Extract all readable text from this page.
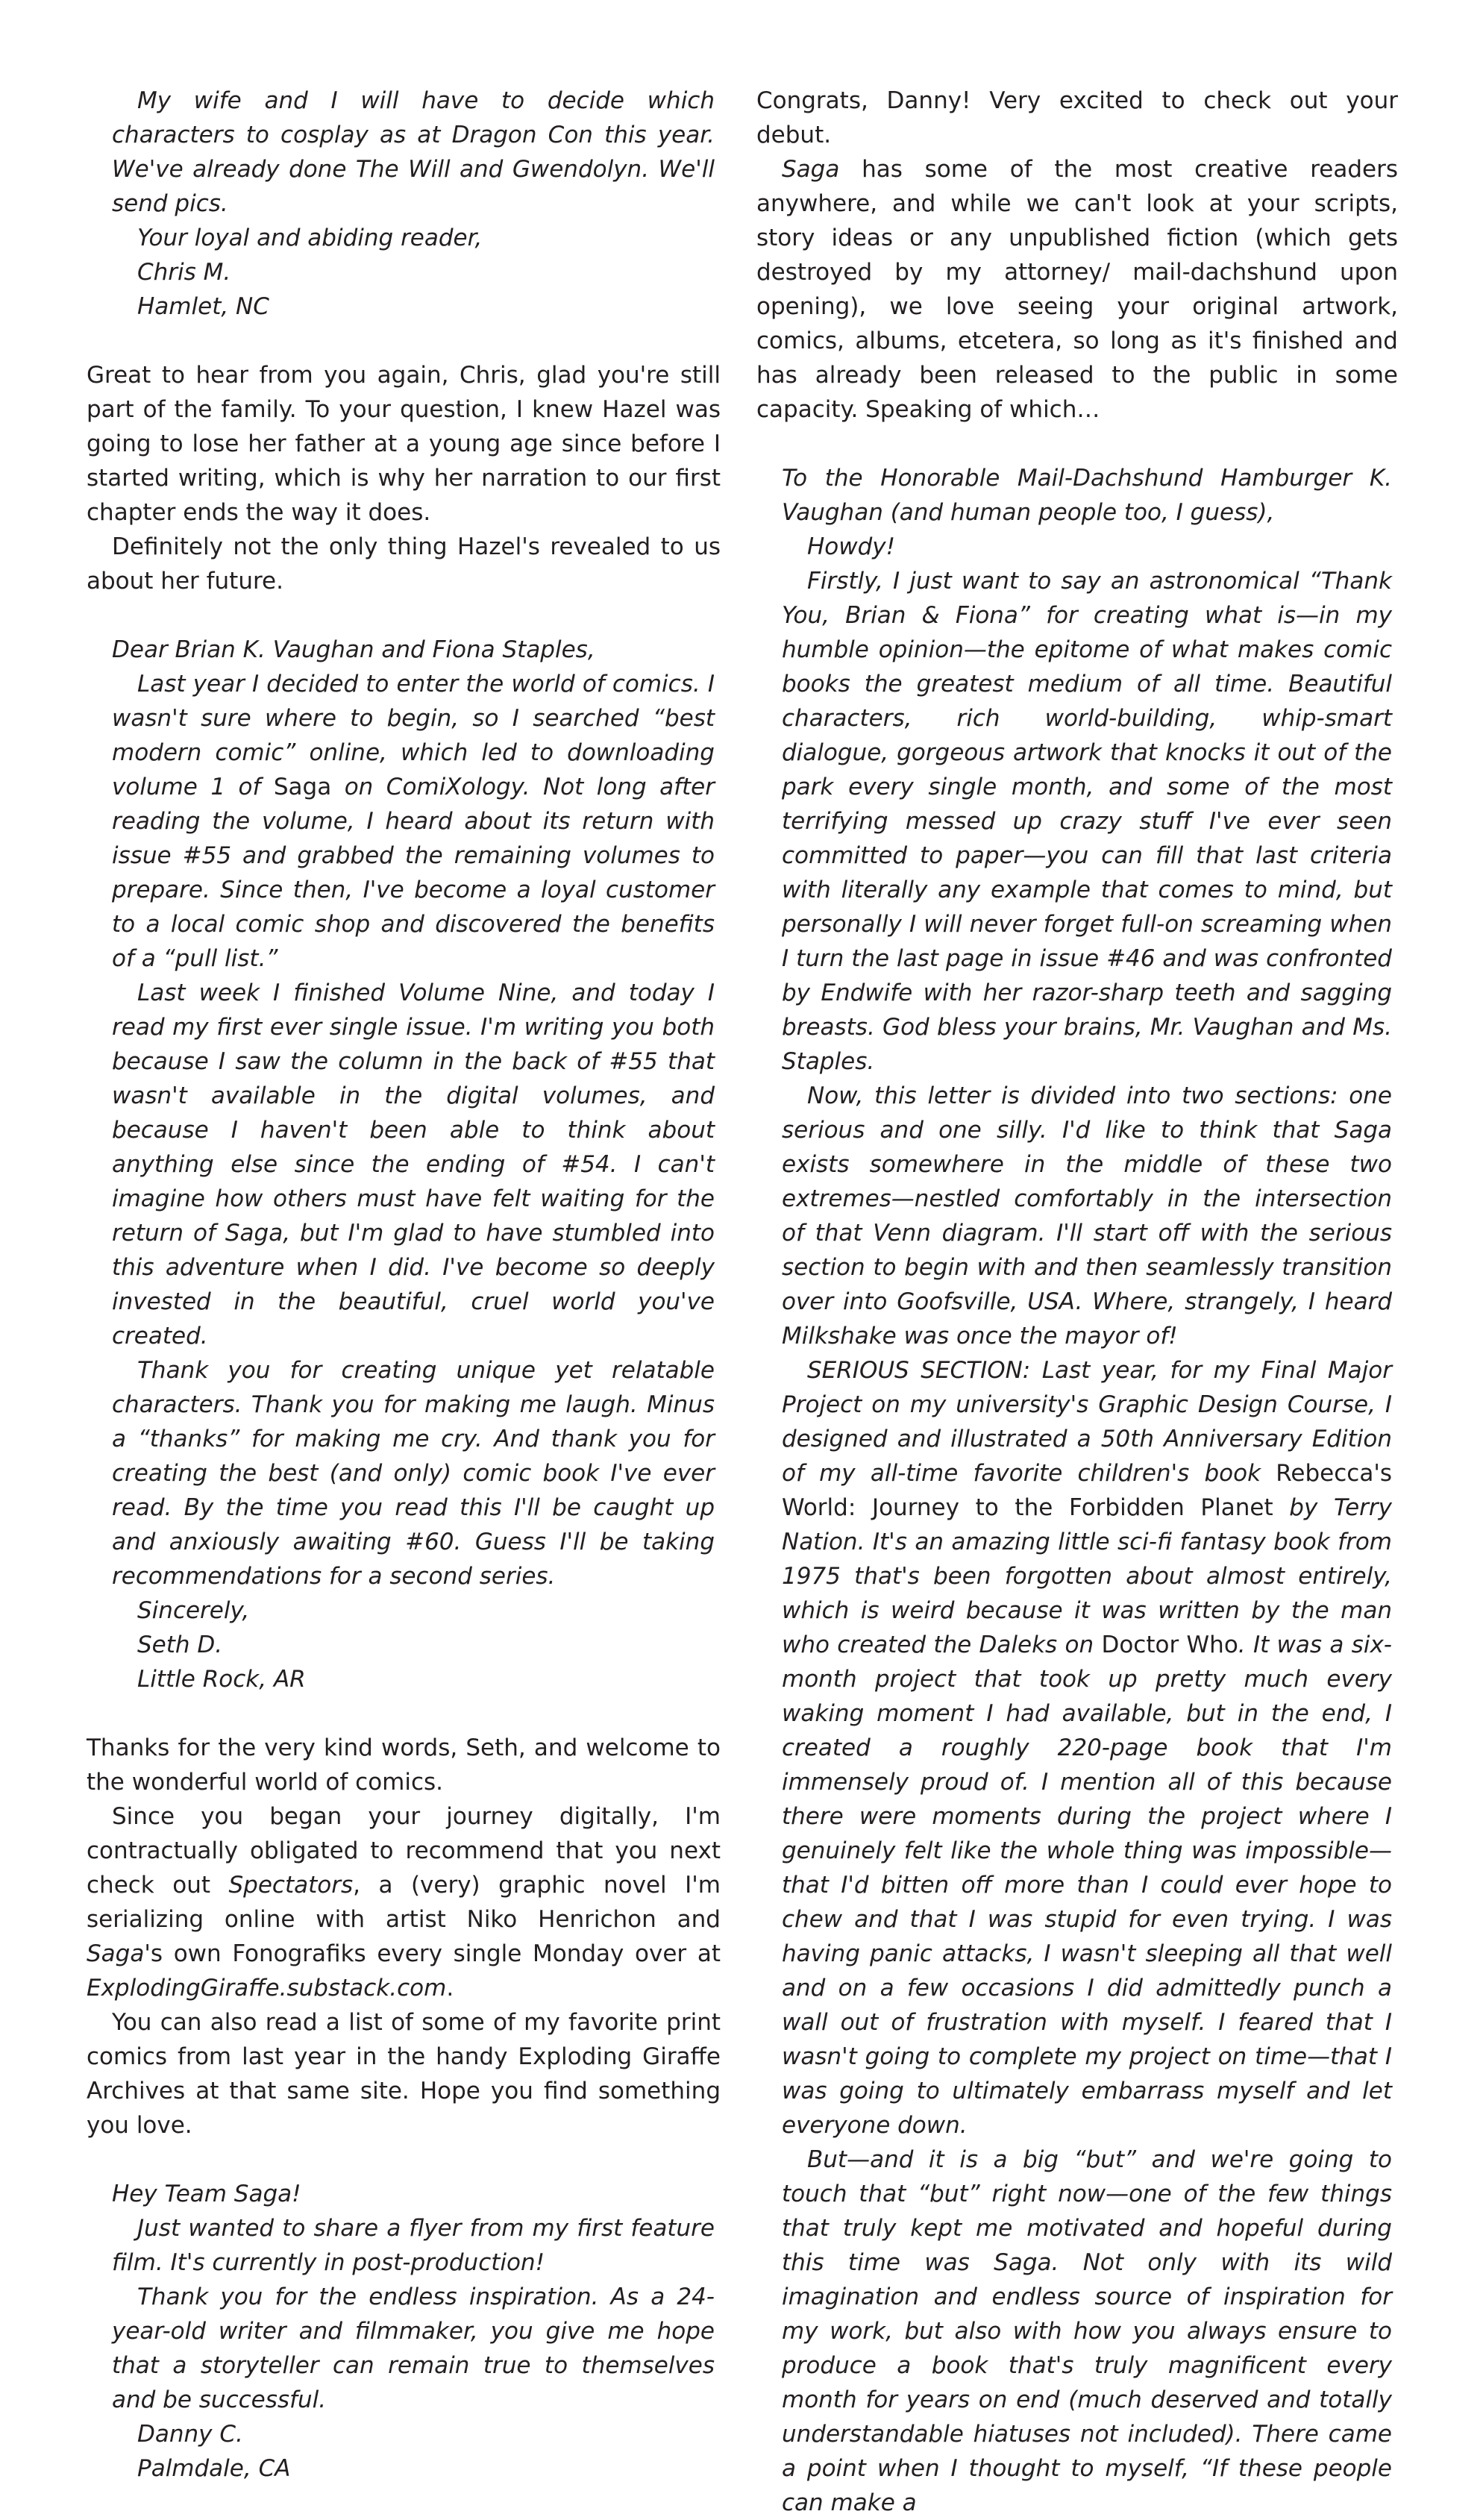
My wife and I will have to decide which characters to cosplay as at Dragon Con this year. We've already done The Will and Gwendolyn. We'll send pics.

Your loyal and abiding reader,

Chris M.

Hamlet, NC

Great to hear from you again, Chris, glad you're still part of the family. To your question, I knew Hazel was going to lose her father at a young age since before I started writing, which is why her narration to our first chapter ends the way it does.

Definitely not the only thing Hazel's revealed to us about her future.

Dear Brian K. Vaughan and Fiona Staples,

Last year I decided to enter the world of comics. I wasn't sure where to begin, so I searched “best modern comic” online, which led to downloading volume 1 of Saga on ComiXology. Not long after reading the volume, I heard about its return with issue #55 and grabbed the remaining volumes to prepare. Since then, I've become a loyal customer to a local comic shop and discovered the benefits of a “pull list.”

Last week I finished Volume Nine, and today I read my first ever single issue. I'm writing you both because I saw the column in the back of #55 that wasn't available in the digital volumes, and because I haven't been able to think about anything else since the ending of #54. I can't imagine how others must have felt waiting for the return of Saga, but I'm glad to have stumbled into this adventure when I did. I've become so deeply invested in the beautiful, cruel world you've created.

Thank you for creating unique yet relatable characters. Thank you for making me laugh. Minus a “thanks” for making me cry. And thank you for creating the best (and only) comic book I've ever read. By the time you read this I'll be caught up and anxiously awaiting #60. Guess I'll be taking recommendations for a second series.

Sincerely,

Seth D.

Little Rock, AR

Thanks for the very kind words, Seth, and welcome to the wonderful world of comics.

Since you began your journey digitally, I'm contractually obligated to recommend that you next check out Spectators, a (very) graphic novel I'm serializing online with artist Niko Henrichon and Saga's own Fonografiks every single Monday over at ExplodingGiraffe.substack.com.

You can also read a list of some of my favorite print comics from last year in the handy Exploding Giraffe Archives at that same site. Hope you find something you love.

Hey Team Saga!

Just wanted to share a flyer from my first feature film. It's currently in post-production!

Thank you for the endless inspiration. As a 24-year-old writer and filmmaker, you give me hope that a storyteller can remain true to themselves and be successful.

Danny C.

Palmdale, CA

Congrats, Danny! Very excited to check out your debut.

Saga has some of the most creative readers anywhere, and while we can't look at your scripts, story ideas or any unpublished fiction (which gets destroyed by my attorney/ mail-dachshund upon opening), we love seeing your original artwork, comics, albums, etcetera, so long as it's finished and has already been released to the public in some capacity. Speaking of which…

To the Honorable Mail-Dachshund Hamburger K. Vaughan (and human people too, I guess),

Howdy!

Firstly, I just want to say an astronomical “Thank You, Brian & Fiona” for creating what is—in my humble opinion—the epitome of what makes comic books the greatest medium of all time. Beautiful characters, rich world-building, whip-smart dialogue, gorgeous artwork that knocks it out of the park every single month, and some of the most terrifying messed up crazy stuff I've ever seen committed to paper—you can fill that last criteria with literally any example that comes to mind, but personally I will never forget full-on screaming when I turn the last page in issue #46 and was confronted by Endwife with her razor-sharp teeth and sagging breasts. God bless your brains, Mr. Vaughan and Ms. Staples.

Now, this letter is divided into two sections: one serious and one silly. I'd like to think that Saga exists somewhere in the middle of these two extremes—nestled comfortably in the intersection of that Venn diagram. I'll start off with the serious section to begin with and then seamlessly transition over into Goofsville, USA. Where, strangely, I heard Milkshake was once the mayor of!

SERIOUS SECTION: Last year, for my Final Major Project on my university's Graphic Design Course, I designed and illustrated a 50th Anniversary Edition of my all-time favorite children's book Rebecca's World: Journey to the Forbidden Planet by Terry Nation. It's an amazing little sci-fi fantasy book from 1975 that's been forgotten about almost entirely, which is weird because it was written by the man who created the Daleks on Doctor Who. It was a six-month project that took up pretty much every waking moment I had available, but in the end, I created a roughly 220-page book that I'm immensely proud of. I mention all of this because there were moments during the project where I genuinely felt like the whole thing was impossible—that I'd bitten off more than I could ever hope to chew and that I was stupid for even trying. I was having panic attacks, I wasn't sleeping all that well and on a few occasions I did admittedly punch a wall out of frustration with myself. I feared that I wasn't going to complete my project on time—that I was going to ultimately embarrass myself and let everyone down.

But—and it is a big “but” and we're going to touch that “but” right now—one of the few things that truly kept me motivated and hopeful during this time was Saga. Not only with its wild imagination and endless source of inspiration for my work, but also with how you always ensure to produce a book that's truly magnificent every month for years on end (much deserved and totally understandable hiatuses not included). There came a point when I thought to myself, “If these people can make a
